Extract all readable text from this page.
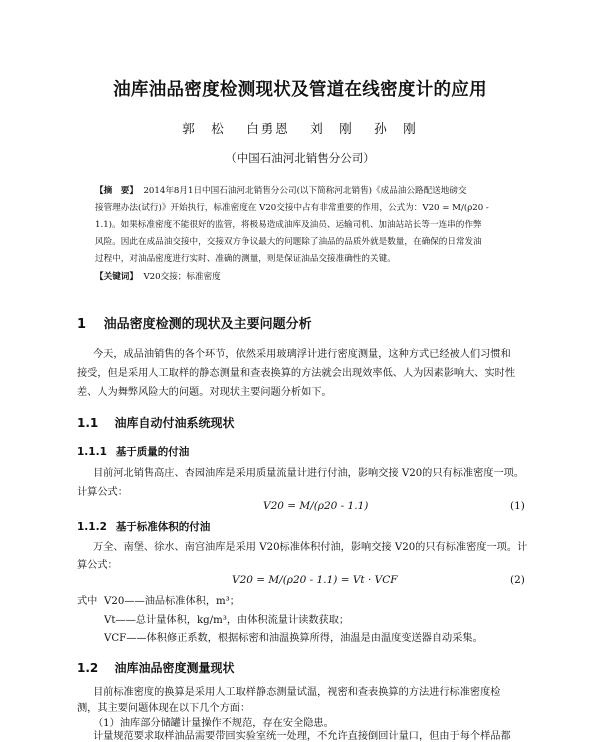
油库油品密度检测现状及管道在线密度计的应用
郭　松  白勇恩  刘　刚  孙　刚
（中国石油河北销售分公司）
【摘　要】 2014年8月1日中国石油河北销售分公司(以下简称河北销售)《成品油公路配送地磅交
接管理办法(试行)》开始执行，标准密度在 V20交接中占有非常重要的作用，公式为：V20 = M/(ρ20 -
1.1)。如果标准密度不能很好的监管，将极易造成油库及油员、运输司机、加油站站长等一连串的作弊
风险。因此在成品油交接中，交接双方争议最大的问题除了油品的品质外就是数量，在确保的日常发油
过程中，对油品密度进行实时、准确的测量，则是保证油品交接准确性的关键。
【关键词】 V20交接；标准密度
1  油品密度检测的现状及主要问题分析
今天，成品油销售的各个环节，依然采用玻璃浮计进行密度测量，这种方式已经被人们习惯和
接受，但是采用人工取样的静态测量和查表换算的方法就会出现效率低、人为因素影响大、实时性
差、人为舞弊风险大的问题。对现状主要问题分析如下。
1.1  油库自动付油系统现状
1.1.1  基于质量的付油
目前河北销售高庄、杏园油库是采用质量流量计进行付油，影响交接 V20的只有标准密度一项。
计算公式：
V20 = M/(ρ20 - 1.1)	(1)
1.1.2  基于标准体积的付油
万全、南堡、徐水、南宫油库是采用 V20标准体积付油，影响交接 V20的只有标准密度一项。计
算公式：
V20 = M/(ρ20 - 1.1) = Vt · VCF	(2)
式中 V20——油品标准体积，m³；
Vt——总计量体积，kg/m³，由体积流量计读数获取；
VCF——体积修正系数，根据标密和油温换算所得，油温是由温度变送器自动采集。
1.2  油库油品密度测量现状
目前标准密度的换算是采用人工取样静态测量试温，视密和查表换算的方法进行标准密度检
测，其主要问题体现在以下几个方面：
（1）油库部分储罐计量操作不规范，存在安全隐患。
计量规范要求取样油品需要带回实验室统一处理，不允许直接倒回计量口，但由于每个样品都
